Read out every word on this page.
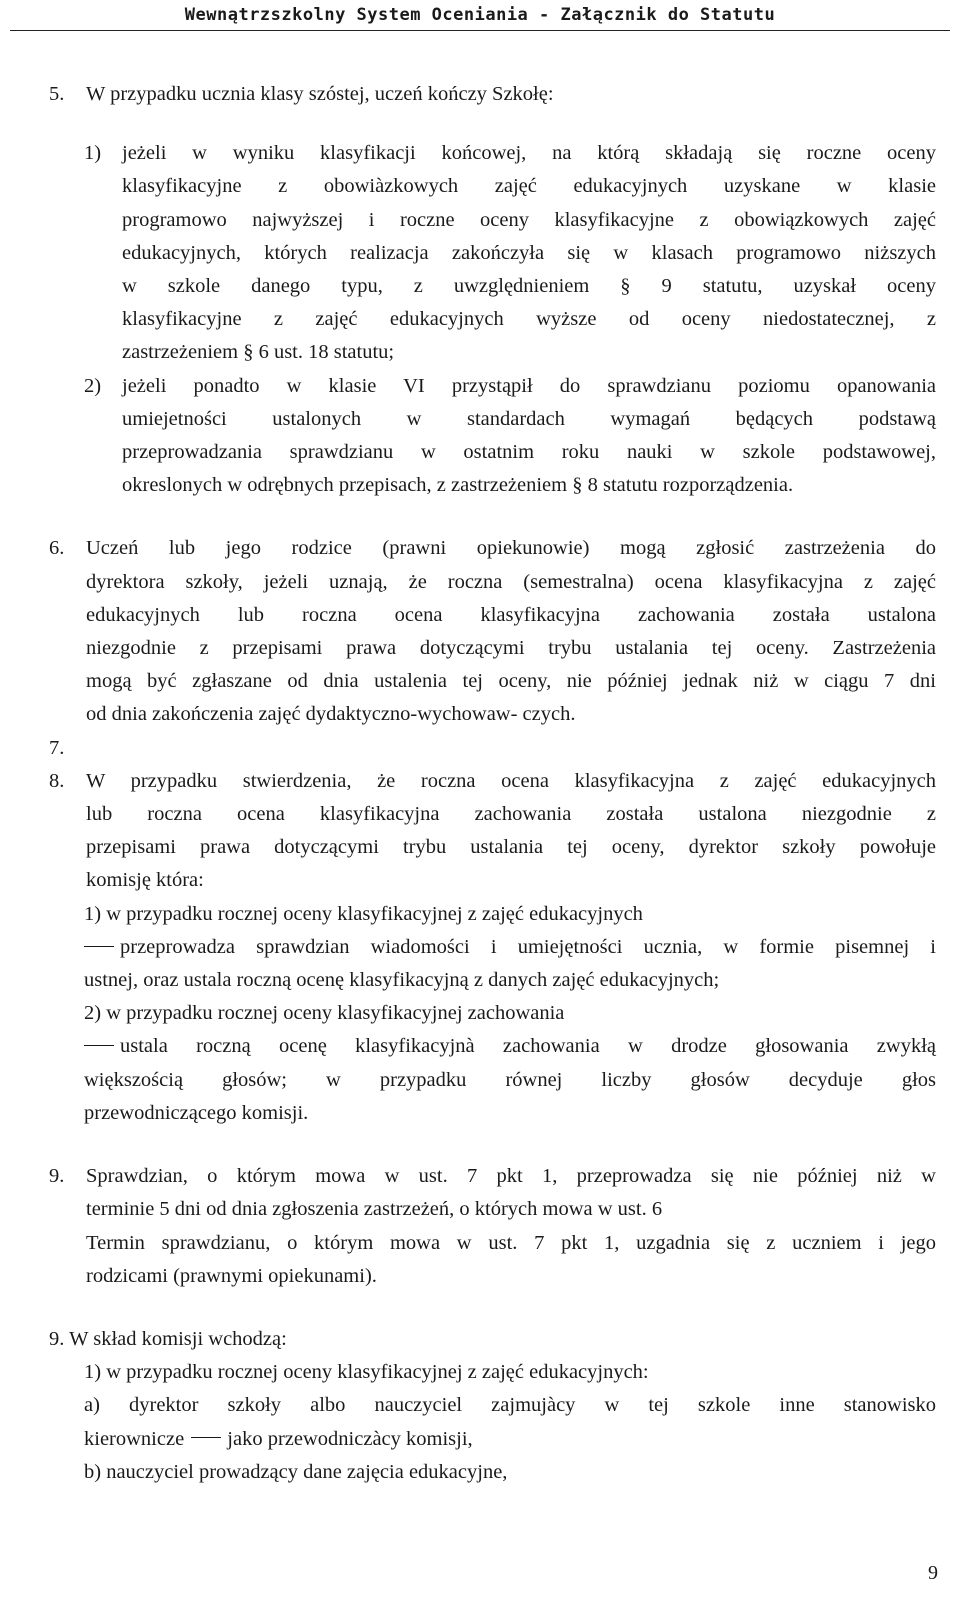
Wewnątrzszkolny System Oceniania - Załącznik do Statutu
5. W przypadku ucznia klasy szóstej, uczeń kończy Szkołę:
1) jeżeli w wyniku klasyfikacji końcowej, na którą składają się roczne oceny
klasyfikacyjne z obowiàzkowych zajęć edukacyjnych uzyskane w klasie
programowo najwyższej i roczne oceny klasyfikacyjne z obowiązkowych zajęć
edukacyjnych, których realizacja zakończyła się w klasach programowo niższych
w szkole danego typu, z uwzględnieniem § 9 statutu, uzyskał oceny
klasyfikacyjne z zajęć edukacyjnych wyższe od oceny niedostatecznej, z
zastrzeżeniem § 6 ust. 18 statutu;
2) jeżeli ponadto w klasie VI przystąpił do sprawdzianu poziomu opanowania
umiejetności ustalonych w standardach wymagań będących podstawą
przeprowadzania sprawdzianu w ostatnim roku nauki w szkole podstawowej,
okreslonych w odrębnych przepisach, z zastrzeżeniem § 8 statutu rozporządzenia.
6. Uczeń lub jego rodzice (prawni opiekunowie) mogą zgłosić zastrzeżenia do
dyrektora szkoły, jeżeli uznają, że roczna (semestralna) ocena klasyfikacyjna z zajęć
edukacyjnych lub roczna ocena klasyfikacyjna zachowania została ustalona
niezgodnie z przepisami prawa dotyczącymi trybu ustalania tej oceny. Zastrzeżenia
mogą być zgłaszane od dnia ustalenia tej oceny, nie później jednak niż w ciągu 7 dni
od dnia zakończenia zajęć dydaktyczno-wychowaw- czych.
7.
8. W przypadku stwierdzenia, że roczna ocena klasyfikacyjna z zajęć edukacyjnych
lub roczna ocena klasyfikacyjna zachowania została ustalona niezgodnie z
przepisami prawa dotyczącymi trybu ustalania tej oceny, dyrektor szkoły powołuje
komisję która:
1) w przypadku rocznej oceny klasyfikacyjnej z zajęć edukacyjnych
przeprowadza sprawdzian wiadomości i umiejętności ucznia, w formie pisemnej i
ustnej, oraz ustala roczną ocenę klasyfikacyjną z danych zajęć edukacyjnych;
2) w przypadku rocznej oceny klasyfikacyjnej zachowania
ustala roczną ocenę klasyfikacyjnà zachowania w drodze głosowania zwykłą
większością głosów; w przypadku równej liczby głosów decyduje głos
przewodniczącego komisji.
9. Sprawdzian, o którym mowa w ust. 7 pkt 1, przeprowadza się nie później niż w
terminie 5 dni od dnia zgłoszenia zastrzeżeń, o których mowa w ust. 6
Termin sprawdzianu, o którym mowa w ust. 7 pkt 1, uzgadnia się z uczniem i jego
rodzicami (prawnymi opiekunami).
9. W skład komisji wchodzą:
1) w przypadku rocznej oceny klasyfikacyjnej z zajęć edukacyjnych:
a) dyrektor szkoły albo nauczyciel zajmujàcy w tej szkole inne stanowisko
kierownicze jako przewodniczàcy komisji,
b) nauczyciel prowadzący dane zajęcia edukacyjne,
9
